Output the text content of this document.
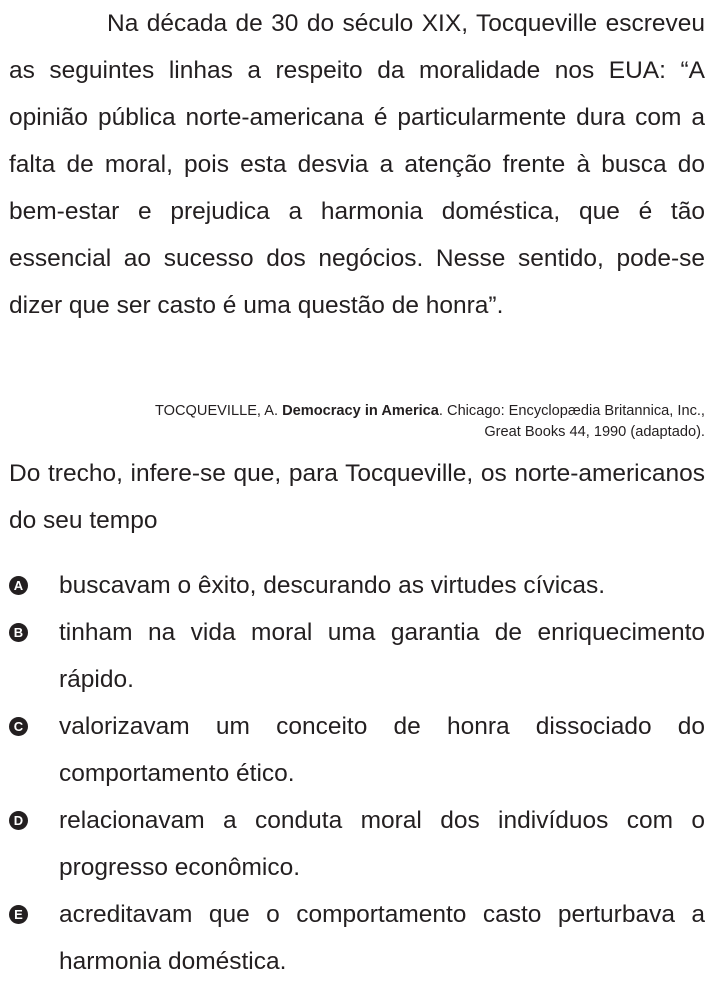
Na década de 30 do século XIX, Tocqueville escreveu as seguintes linhas a respeito da moralidade nos EUA: “A opinião pública norte-americana é particularmente dura com a falta de moral, pois esta desvia a atenção frente à busca do bem-estar e prejudica a harmonia doméstica, que é tão essencial ao sucesso dos negócios. Nesse sentido, pode-se dizer que ser casto é uma questão de honra”.

TOCQUEVILLE, A. Democracy in America. Chicago: Encyclopædia Britannica, Inc., Great Books 44, 1990 (adaptado).

Do trecho, infere-se que, para Tocqueville, os norte-americanos do seu tempo

A buscavam o êxito, descurando as virtudes cívicas.
B tinham na vida moral uma garantia de enriquecimento rápido.
C valorizavam um conceito de honra dissociado do comportamento ético.
D relacionavam a conduta moral dos indivíduos com o progresso econômico.
E acreditavam que o comportamento casto perturbava a harmonia doméstica.
